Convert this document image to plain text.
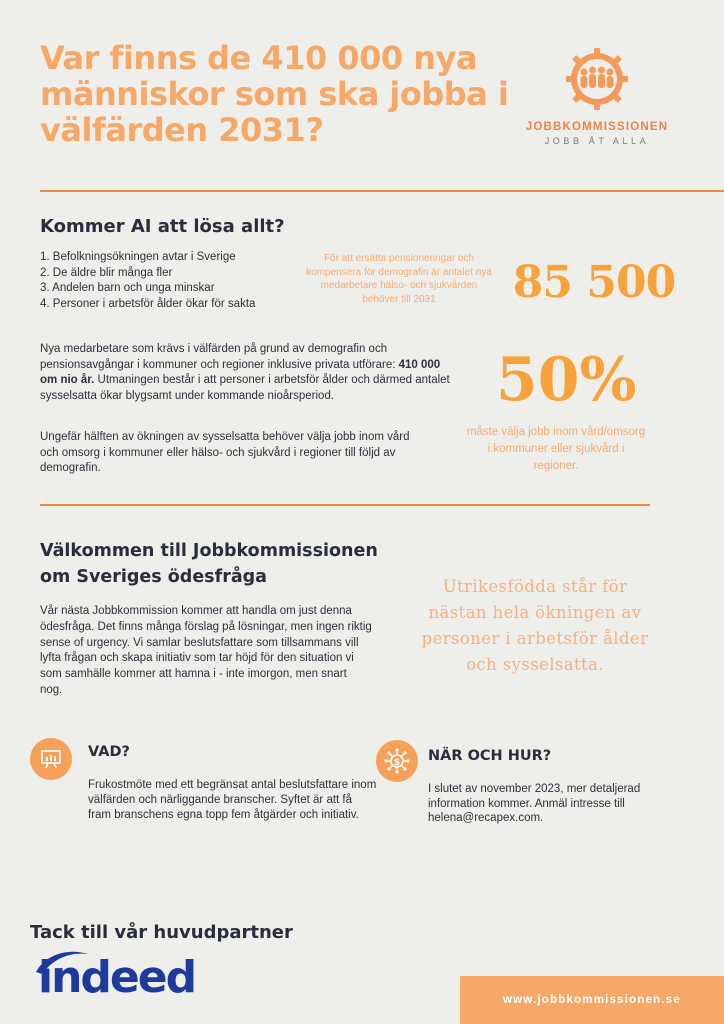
Var finns de 410 000 nya människor som ska jobba i välfärden 2031?	JOBBKOMMISSIONEN
JOBB ÅT ALLA
Kommer AI att lösa allt?
1. Befolkningsökningen avtar i Sverige
2. De äldre blir många fler
3. Andelen barn och unga minskar
4. Personer i arbetsför ålder ökar för sakta
För att ersätta pensioneringar och kompensera för demografin är antalet nya medarbetare hälso- och sjukvården behöver till 2031	85 500
Nya medarbetare som krävs i välfärden på grund av demografin och pensionsavgångar i kommuner och regioner inklusive privata utförare: 410 000 om nio år. Utmaningen består i att personer i arbetsför ålder och därmed antalet sysselsatta ökar blygsamt under kommande nioårsperiod.	50%
måste välja jobb inom vård/omsorg i kommuner eller sjukvård i regioner.
Ungefär hälften av ökningen av sysselsatta behöver välja jobb inom vård och omsorg i kommuner eller hälso- och sjukvård i regioner till följd av demografin.
Välkommen till Jobbkommissionen
om Sveriges ödesfråga
Vår nästa Jobbkommission kommer att handla om just denna ödesfråga. Det finns många förslag på lösningar, men ingen riktig sense of urgency. Vi samlar beslutsfattare som tillsammans vill lyfta frågan och skapa initiativ som tar höjd för den situation vi som samhälle kommer att hamna i - inte imorgon, men snart nog.
Utrikesfödda står för nästan hela ökningen av personer i arbetsför ålder och sysselsatta.
VAD?
Frukostmöte med ett begränsat antal beslutsfattare inom välfärden och närliggande branscher. Syftet är att få fram branschens egna topp fem åtgärder och initiativ.
$ NÄR OCH HUR?
I slutet av november 2023, mer detaljerad information kommer. Anmäl intresse till helena@recapex.com.
Tack till vår huvudpartner
indeed	www.jobbkommissionen.se
